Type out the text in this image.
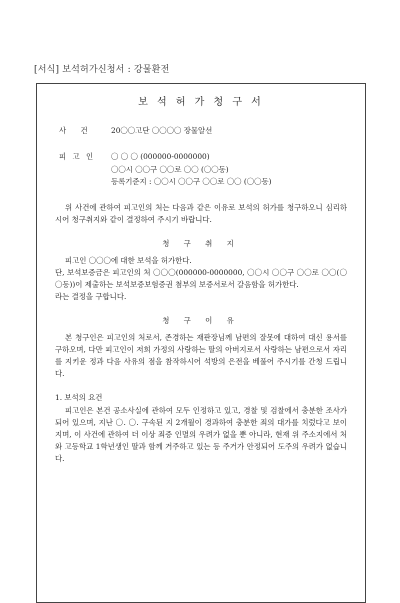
[서식] 보석허가신청서 : 강물환전
보 석 허 가 청 구 서
사 건	20〇〇고단 〇〇〇〇 장물알선
피 고 인	〇 〇 〇 (000000-0000000)
〇〇시 〇〇구 〇〇로 〇〇 (〇〇동)
등록기준지 : 〇〇시 〇〇구 〇〇로 〇〇 (〇〇동)
위 사건에 관하여 피고인의 처는 다음과 같은 이유로 보석의 허가를 청구하오니 심리하시어 청구취지와 같이 결정하여 주시기 바랍니다.
청 구 취 지
피고인 〇〇〇에 대한 보석을 허가한다.
단, 보석보증금은 피고인의 처 〇〇〇(000000-0000000, 〇〇시 〇〇구 〇〇로 〇〇(〇〇동))이 제출하는 보석보증보험증권 첨부의 보증서로서 갈음함을 허가한다.
라는 결정을 구합니다.
청 구 이 유
본 청구인은 피고인의 처로서, 존경하는 재판장님께 남편의 잘못에 대하여 대신 용서를 구하오며, 다만 피고인이 저희 가정의 사랑하는 딸의 아버지로서 사랑하는 남편으로서 자리를 지키운 정과 다음 사유의 점을 참작하시어 석방의 은전을 베풀어 주시기를 간청 드립니다.
1. 보석의 요건
피고인은 본건 공소사실에 관하여 모두 인정하고 있고, 경찰 및 검찰에서 충분한 조사가 되어 있으며, 지난 〇. 〇. 구속된 지 2개월이 경과하여 충분한 죄의 대가를 치렀다고 보이지며, 이 사건에 관하여 더 이상 죄증 인멸의 우려가 없을 뿐 아니라, 현재 위 주소지에서 처와 고등학교 1학년생인 딸과 함께 거주하고 있는 등 주거가 안정되어 도주의 우려가 없습니다.
